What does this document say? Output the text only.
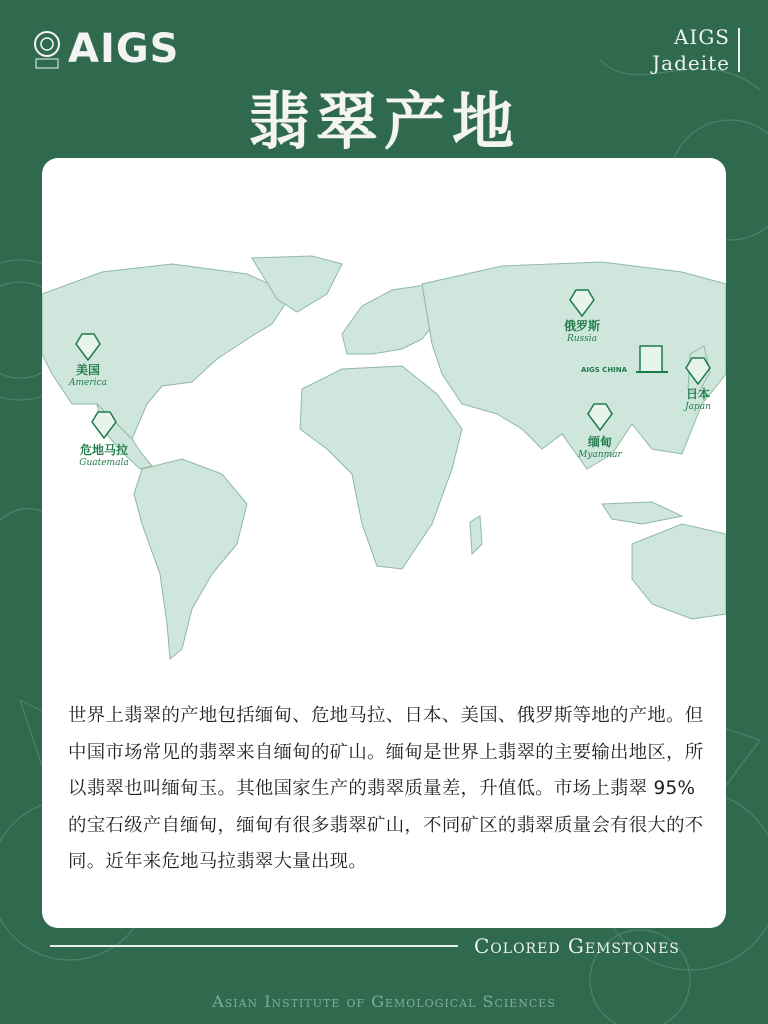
AIGS	AIGS
Jadeite
翡翠产地
美国
America
危地马拉
Guatemala
俄罗斯
Russia
AIGS CHINA
缅甸
Myanmar
日本
Japan
世界上翡翠的产地包括缅甸、危地马拉、日本、美国、俄罗斯等地的产地。但中国市场常见的翡翠来自缅甸的矿山。缅甸是世界上翡翠的主要输出地区，所以翡翠也叫缅甸玉。其他国家生产的翡翠质量差，升值低。市场上翡翠 95% 的宝石级产自缅甸，缅甸有很多翡翠矿山，不同矿区的翡翠质量会有很大的不同。近年来危地马拉翡翠大量出现。
Colored Gemstones
Asian Institute of Gemological Sciences
